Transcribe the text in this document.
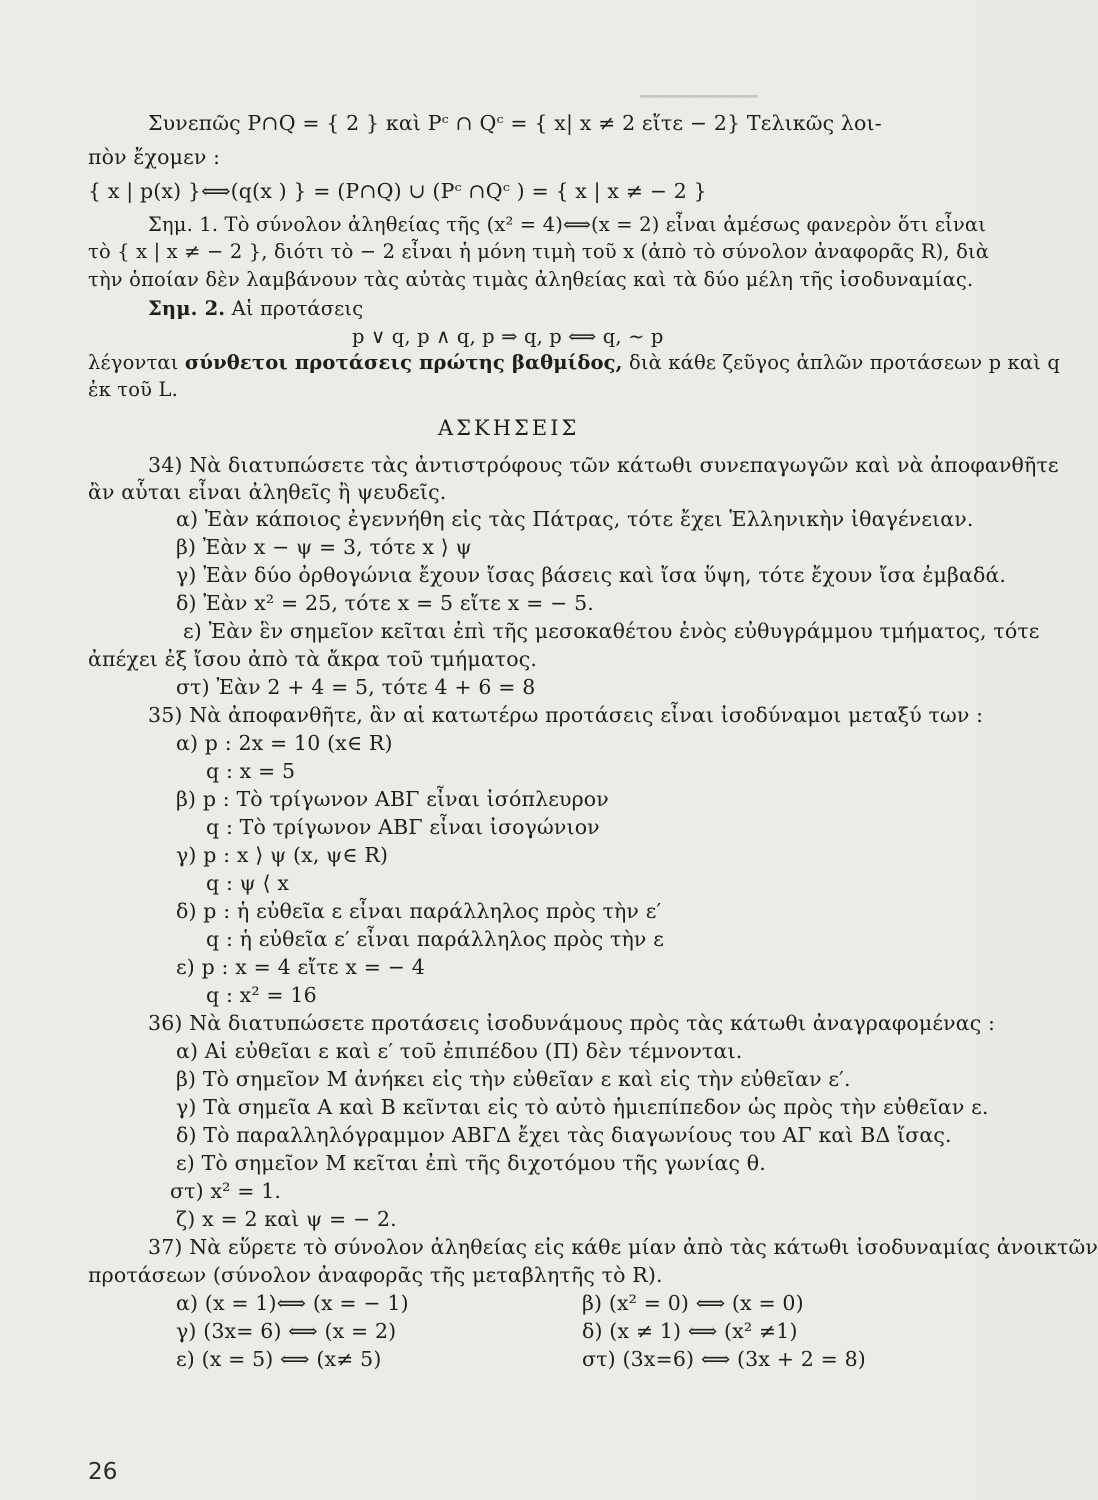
▔▔▔▔▔▔▔▔▔
Συνεπῶς P∩Q = { 2 } καὶ Pᶜ ∩ Qᶜ = { x| x ≠ 2 εἴτε − 2} Τελικῶς λοι-
πὸν ἔχομεν :
{ x | p(x) }⟺(q(x ) } = (P∩Q) ∪ (Pᶜ ∩Qᶜ ) = { x | x ≠ − 2 }
Σημ. 1. Τὸ σύνολον ἀληθείας τῆς (x² = 4)⟺(x = 2) εἶναι ἀμέσως φανερὸν ὅτι εἶναι
τὸ { x | x ≠ − 2 }, διότι τὸ − 2 εἶναι ἡ μόνη τιμὴ τοῦ x (ἀπὸ τὸ σύνολον ἀναφορᾶς R), διὰ
τὴν ὁποίαν δὲν λαμβάνουν τὰς αὐτὰς τιμὰς ἀληθείας καὶ τὰ δύο μέλη τῆς ἰσοδυναμίας.
Σημ. 2. Αἱ προτάσεις
p ∨ q, p ∧ q, p ⇒ q, p ⟺ q, ∼ p
λέγονται σύνθετοι προτάσεις πρώτης βαθμίδος, διὰ κάθε ζεῦγος ἁπλῶν προτάσεων p καὶ q
ἐκ τοῦ L.
ΑΣΚΗΣΕΙΣ
34) Νὰ διατυπώσετε τὰς ἀντιστρόφους τῶν κάτωθι συνεπαγωγῶν καὶ νὰ ἀποφανθῆτε
ἂν αὗται εἶναι ἀληθεῖς ἢ ψευδεῖς.
α) Ἐὰν κάποιος ἐγεννήθη εἰς τὰς Πάτρας, τότε ἔχει Ἑλληνικὴν ἰθαγένειαν.
β) Ἐὰν x − ψ = 3, τότε x ⟩ ψ
γ) Ἐὰν δύο ὀρθογώνια ἔχουν ἴσας βάσεις καὶ ἴσα ὕψη, τότε ἔχουν ἴσα ἐμβαδά.
δ) Ἐὰν x² = 25, τότε x = 5 εἴτε x = − 5.
ε) Ἐὰν ἓν σημεῖον κεῖται ἐπὶ τῆς μεσοκαθέτου ἑνὸς εὐθυγράμμου τμήματος, τότε
ἀπέχει ἐξ ἴσου ἀπὸ τὰ ἄκρα τοῦ τμήματος.
στ) Ἐὰν 2 + 4 = 5, τότε 4 + 6 = 8
35) Νὰ ἀποφανθῆτε, ἂν αἱ κατωτέρω προτάσεις εἶναι ἰσοδύναμοι μεταξύ των :
α) p : 2x = 10 (x∈ R)
q : x = 5
β) p : Τὸ τρίγωνον ΑΒΓ εἶναι ἰσόπλευρον
q : Τὸ τρίγωνον ΑΒΓ εἶναι ἰσογώνιον
γ) p : x ⟩ ψ (x, ψ∈ R)
q : ψ ⟨ x
δ) p : ἡ εὐθεῖα ε εἶναι παράλληλος πρὸς τὴν ε′
q : ἡ εὐθεῖα ε′ εἶναι παράλληλος πρὸς τὴν ε
ε) p : x = 4 εἴτε x = − 4
q : x² = 16
36) Νὰ διατυπώσετε προτάσεις ἰσοδυνάμους πρὸς τὰς κάτωθι ἀναγραφομένας :
α) Αἱ εὐθεῖαι ε καὶ ε′ τοῦ ἐπιπέδου (Π) δὲν τέμνονται.
β) Τὸ σημεῖον Μ ἀνήκει εἰς τὴν εὐθεῖαν ε καὶ εἰς τὴν εὐθεῖαν ε′.
γ) Τὰ σημεῖα Α καὶ Β κεῖνται εἰς τὸ αὐτὸ ἡμιεπίπεδον ὡς πρὸς τὴν εὐθεῖαν ε.
δ) Τὸ παραλληλόγραμμον ΑΒΓΔ ἔχει τὰς διαγωνίους του ΑΓ καὶ ΒΔ ἴσας.
ε) Τὸ σημεῖον Μ κεῖται ἐπὶ τῆς διχοτόμου τῆς γωνίας θ.
στ) x² = 1.
ζ) x = 2 καὶ ψ = − 2.
37) Νὰ εὕρετε τὸ σύνολον ἀληθείας εἰς κάθε μίαν ἀπὸ τὰς κάτωθι ἰσοδυναμίας ἀνοικτῶν
προτάσεων (σύνολον ἀναφορᾶς τῆς μεταβλητῆς τὸ R).
α) (x = 1)⟺ (x = − 1)	β) (x² = 0) ⟺ (x = 0)
γ) (3x= 6) ⟺ (x = 2)	δ) (x ≠ 1) ⟺ (x² ≠1)
ε) (x = 5) ⟺ (x≠ 5)	στ) (3x=6) ⟺ (3x + 2 = 8)
26
